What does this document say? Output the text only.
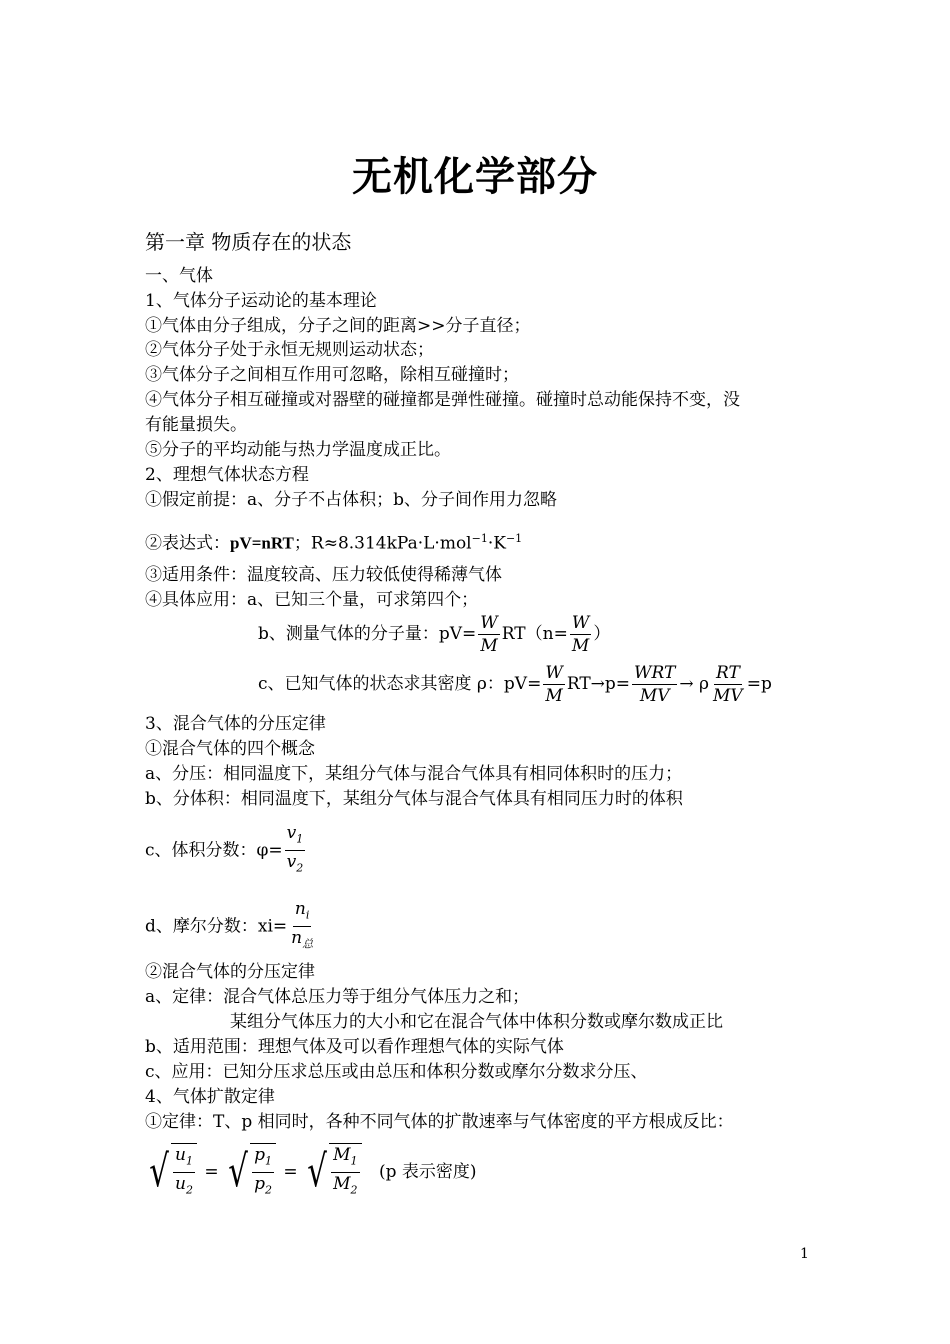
无机化学部分
第一章 物质存在的状态
一、气体
1、气体分子运动论的基本理论
①气体由分子组成，分子之间的距离>>分子直径；
②气体分子处于永恒无规则运动状态；
③气体分子之间相互作用可忽略，除相互碰撞时；
④气体分子相互碰撞或对器壁的碰撞都是弹性碰撞。碰撞时总动能保持不变，没
有能量损失。
⑤分子的平均动能与热力学温度成正比。
2、理想气体状态方程
①假定前提：a、分子不占体积；b、分子间作用力忽略
②表达式：pV=nRT；$R\approx 8.314kPa\cdot L\cdot mol^{-1}\cdot K^{-1}$
③适用条件：温度较高、压力较低使得稀薄气体
④具体应用：a、已知三个量，可求第四个；
b、测量气体的分子量：$pV= \frac{W}{M} RT(n= \frac{W}{M}$ ）
c、已知气体的状态求其密度 ρ：$pV= \frac{W}{M} RT\to p= \frac{\text{WRT}}{MV} \to \rho \frac{RT}{MV} =p$
3、混合气体的分压定律
①混合气体的四个概念
a、分压：相同温度下，某组分气体与混合气体具有相同体积时的压力；
b、分体积：相同温度下，某组分气体与混合气体具有相同压力时的体积
c、体积分数：$\varphi= \frac{v_1}{v_2}$
d、摩尔分数：$xi= \frac{n_i}{n_总}$
②混合气体的分压定律
a、定律：混合气体总压力等于组分气体压力之和；
某组分气体压力的大小和它在混合气体中体积分数或摩尔数成正比
b、适用范围：理想气体及可以看作理想气体的实际气体
c、应用：已知分压求总压或由总压和体积分数或摩尔分数求分压、
4、气体扩散定律
①定律：T、p 相同时，各种不同气体的扩散速率与气体密度的平方根成反比：
√ $\frac{u_1}{u_2}$ = √ $\frac{p_1}{p_2}$ = √ $\frac{M_1}{M_2} (p$ 表示密度)
1
